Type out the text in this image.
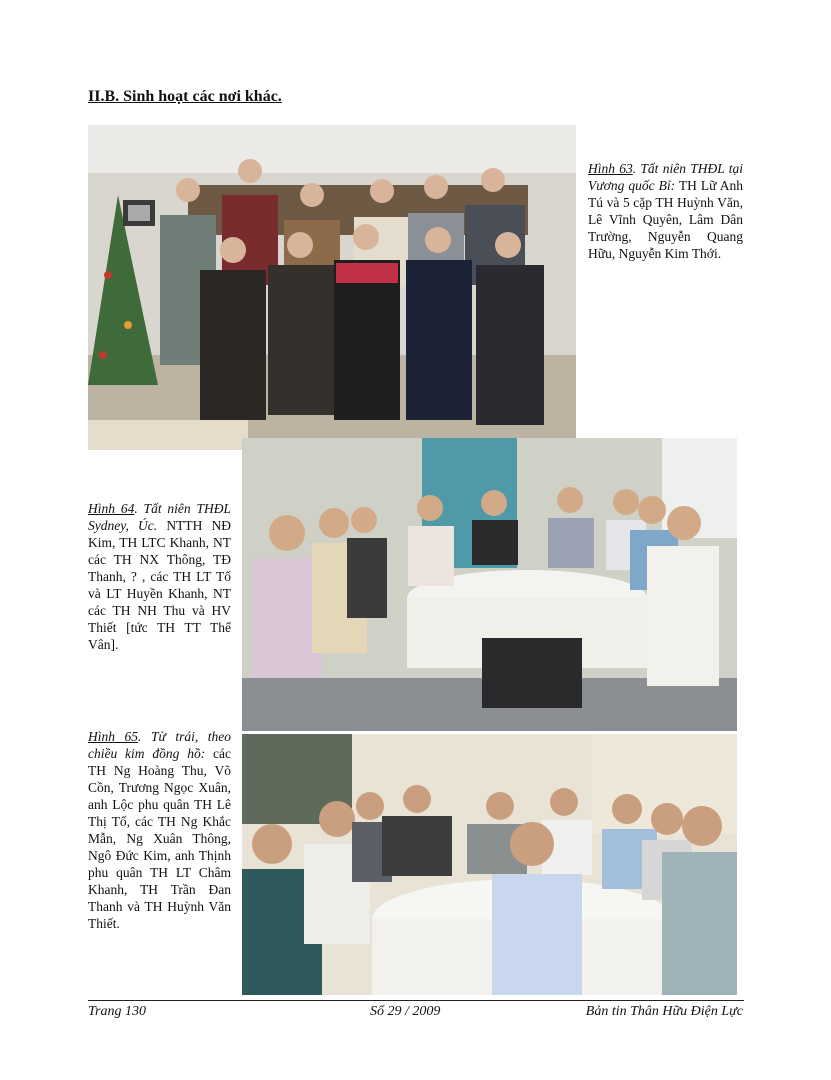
II.B. Sinh hoạt các nơi khác.
Hình 63. Tất niên THĐL tại Vương quốc Bỉ: TH Lữ Anh Tú và 5 cặp TH Huỳnh Văn, Lê Vĩnh Quyên, Lâm Dân Trường, Nguyễn Quang Hữu, Nguyễn Kim Thới.
Hình 64. Tất niên THĐL Sydney, Úc. NTTH NĐ Kim, TH LTC Khanh, NT các TH NX Thông, TĐ Thanh, ? , các TH LT Tố và LT Huyền Khanh, NT các TH NH Thu và HV Thiết [tức TH TT Thể Vân].
Hình 65. Từ trái, theo chiều kim đồng hồ: các TH Ng Hoàng Thu, Võ Cồn, Trương Ngọc Xuân, anh Lộc phu quân TH Lê Thị Tố, các TH Ng Khắc Mẫn, Ng Xuân Thông, Ngô Đức Kim, anh Thịnh phu quân TH LT Châm Khanh, TH Trần Đan Thanh và TH Huỳnh Văn Thiết.
Trang 130	Số 29 / 2009	Bản tin Thân Hữu Điện Lực
